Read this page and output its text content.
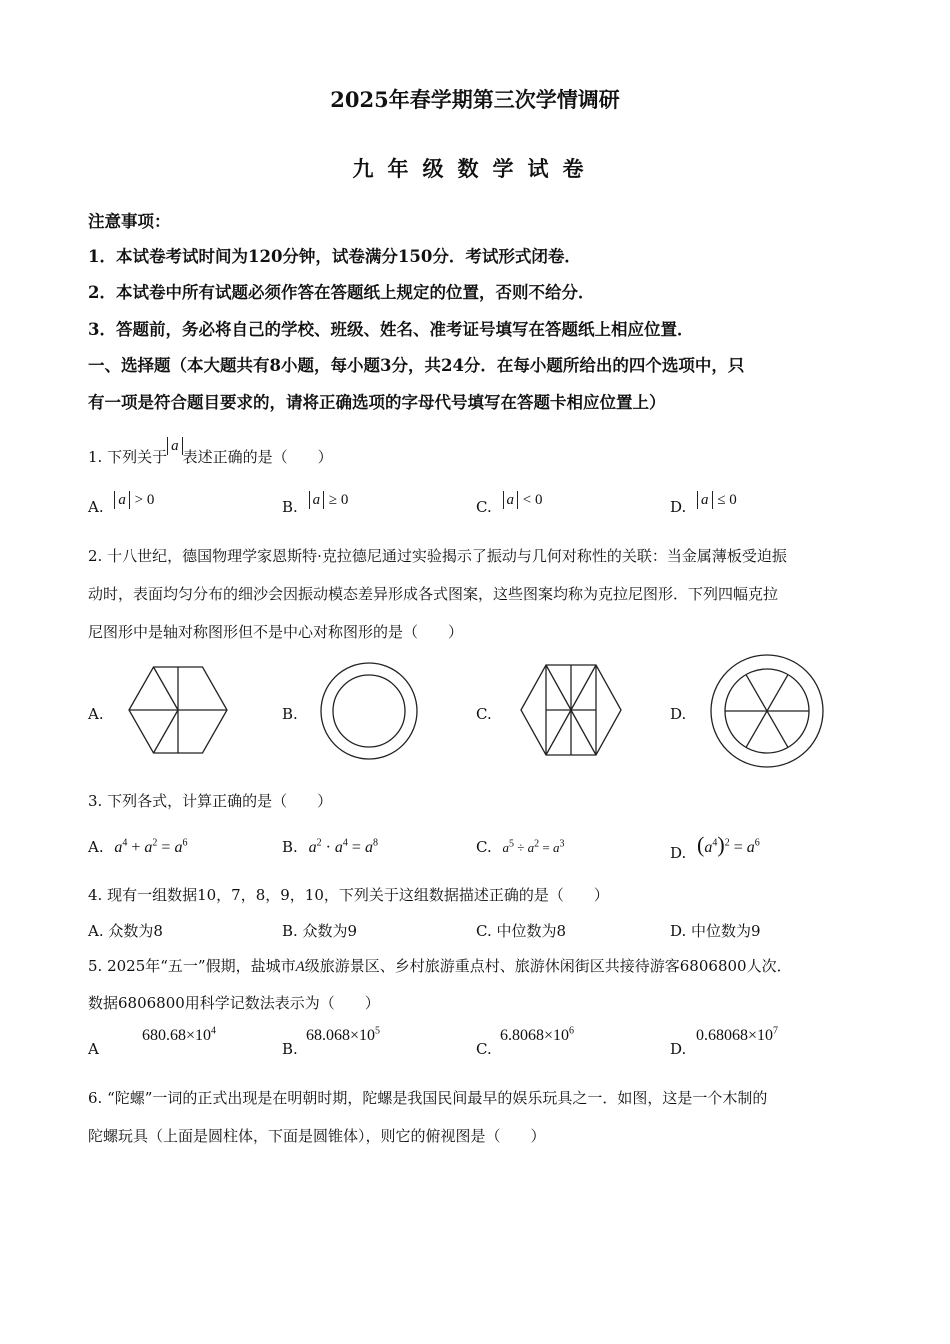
2025年春学期第三次学情调研
九年级数学试卷
注意事项：
1．本试卷考试时间为120分钟，试卷满分150分．考试形式闭卷．
2．本试卷中所有试题必须作答在答题纸上规定的位置，否则不给分．
3．答题前，务必将自己的学校、班级、姓名、准考证号填写在答题纸上相应位置．
一、选择题（本大题共有8小题，每小题3分，共24分．在每小题所给出的四个选项中，只
有一项是符合题目要求的，请将正确选项的字母代号填写在答题卡相应位置上）
1. 下列关于a表述正确的是（　　）
A. a > 0	B. a ≥ 0	C. a < 0	D. a ≤ 0
2. 十八世纪，德国物理学家恩斯特·克拉德尼通过实验揭示了振动与几何对称性的关联：当金属薄板受迫振
动时，表面均匀分布的细沙会因振动模态差异形成各式图案，这些图案均称为克拉尼图形．下列四幅克拉
尼图形中是轴对称图形但不是中心对称图形的是（　　）
A.	B.	C.	D.
3. 下列各式，计算正确的是（　　）
A. $a^4 + a^2 = a^6$	B. $a^2 \cdot a^4 = a^8$	C. $a^5 \div a^2 = a^3$	D. $(a^4)^2 = a^6$
4. 现有一组数据10，7，8，9，10，下列关于这组数据描述正确的是（　　）
A. 众数为8	B. 众数为9	C. 中位数为8	D. 中位数为9
5. 2025年“五一”假期，盐城市A级旅游景区、乡村旅游重点村、旅游休闲街区共接待游客6806800人次．
数据6806800用科学记数法表示为（　　）
A
$680.68\times 10^4$
B.
$68.068\times 10^5$
C.
$6.8068\times 10^6$
D.
$0.68068\times 10^7$
6. “陀螺”一词的正式出现是在明朝时期，陀螺是我国民间最早的娱乐玩具之一．如图，这是一个木制的
陀螺玩具（上面是圆柱体，下面是圆锥体），则它的俯视图是（　　）
